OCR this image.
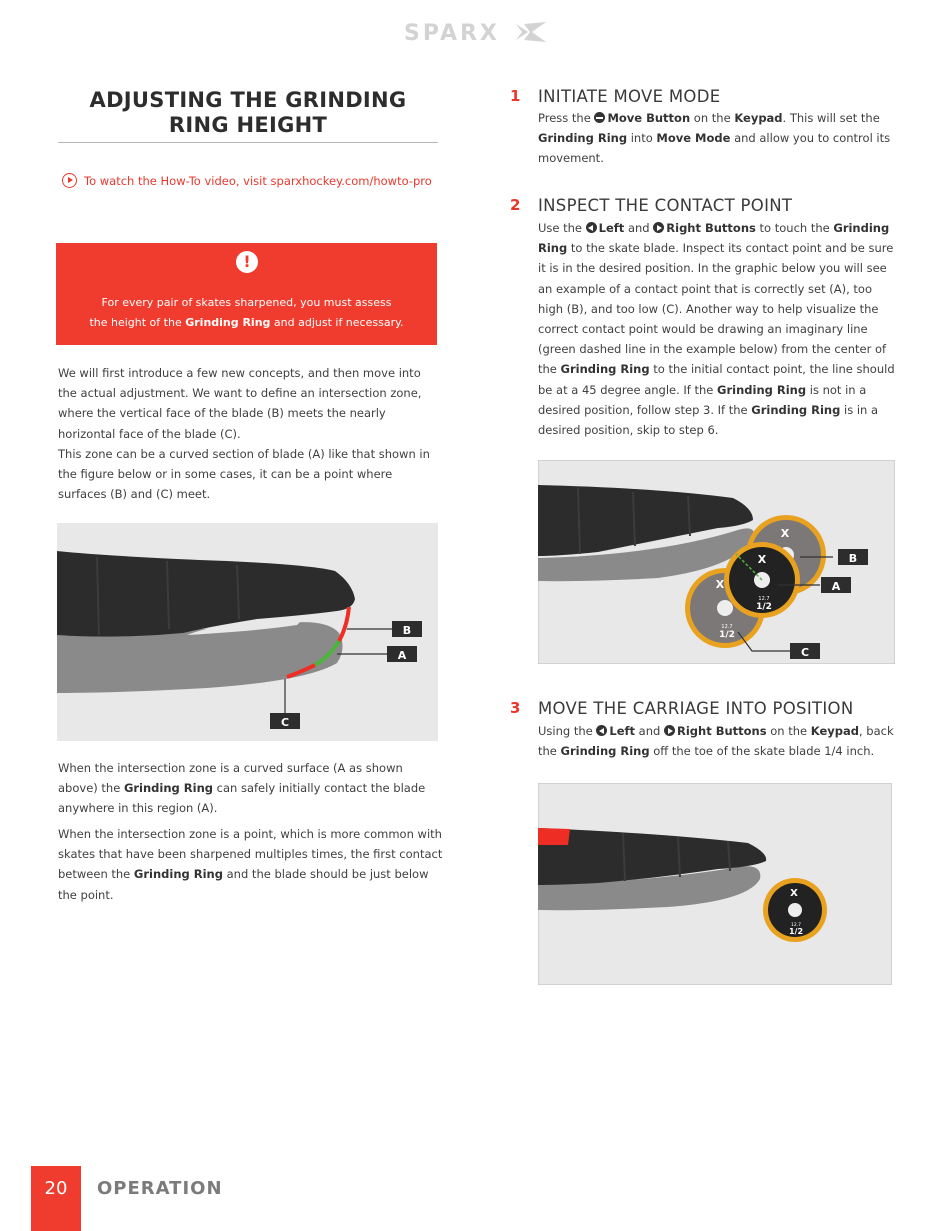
SPARX
ADJUSTING THE GRINDING
RING HEIGHT
To watch the How-To video, visit sparxhockey.com/howto-pro
!
For every pair of skates sharpened, you must assess
the height of the Grinding Ring and adjust if necessary.
We will first introduce a few new concepts, and then move into the actual adjustment. We want to define an intersection zone, where the vertical face of the blade (B) meets the nearly horizontal face of the blade (C).
This zone can be a curved section of blade (A) like that shown in the figure below or in some cases, it can be a point where surfaces (B) and (C) meet.
B
A
C
When the intersection zone is a curved surface (A as shown above) the Grinding Ring can safely initially contact the blade anywhere in this region (A).
When the intersection zone is a point, which is more common with skates that have been sharpened multiples times, the first contact between the Grinding Ring and the blade should be just below the point.
1 INITIATE MOVE MODE
Press the Move Button on the Keypad. This will set the Grinding Ring into Move Mode and allow you to control its movement.
2 INSPECT THE CONTACT POINT
Use the Left and Right Buttons to touch the Grinding Ring to the skate blade. Inspect its contact point and be sure it is in the desired position. In the graphic below you will see an example of a contact point that is correctly set (A), too high (B), and too low (C). Another way to help visualize the correct contact point would be drawing an imaginary line (green dashed line in the example below) from the center of the Grinding Ring to the initial contact point, the line should be at a 45 degree angle. If the Grinding Ring is not in a desired position, follow step 3. If the Grinding Ring is in a desired position, skip to step 6.
X
12.7
1/2
X
X
12.7
1/2
B
A
C
3 MOVE THE CARRIAGE INTO POSITION
Using the Left and Right Buttons on the Keypad, back the Grinding Ring off the toe of the skate blade 1/4 inch.
X
12.7
1/2
20	OPERATION
